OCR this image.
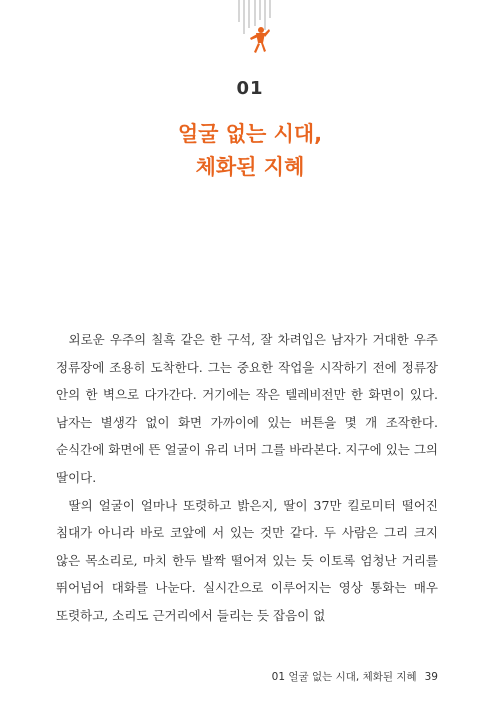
01
얼굴 없는 시대,
체화된 지혜

외로운 우주의 칠흑 같은 한 구석, 잘 차려입은 남자가 거대한 우주 정류장에 조용히 도착한다. 그는 중요한 작업을 시작하기 전에 정류장 안의 한 벽으로 다가간다. 거기에는 작은 텔레비전만 한 화면이 있다. 남자는 별생각 없이 화면 가까이에 있는 버튼을 몇 개 조작한다. 순식간에 화면에 뜬 얼굴이 유리 너머 그를 바라본다. 지구에 있는 그의 딸이다.

딸의 얼굴이 얼마나 또렷하고 밝은지, 딸이 37만 킬로미터 떨어진 침대가 아니라 바로 코앞에 서 있는 것만 같다. 두 사람은 그리 크지 않은 목소리로, 마치 한두 발짝 떨어져 있는 듯 이토록 엄청난 거리를 뛰어넘어 대화를 나눈다. 실시간으로 이루어지는 영상 통화는 매우 또렷하고, 소리도 근거리에서 들리는 듯 잡음이 없

01 얼굴 없는 시대, 체화된 지혜 39
